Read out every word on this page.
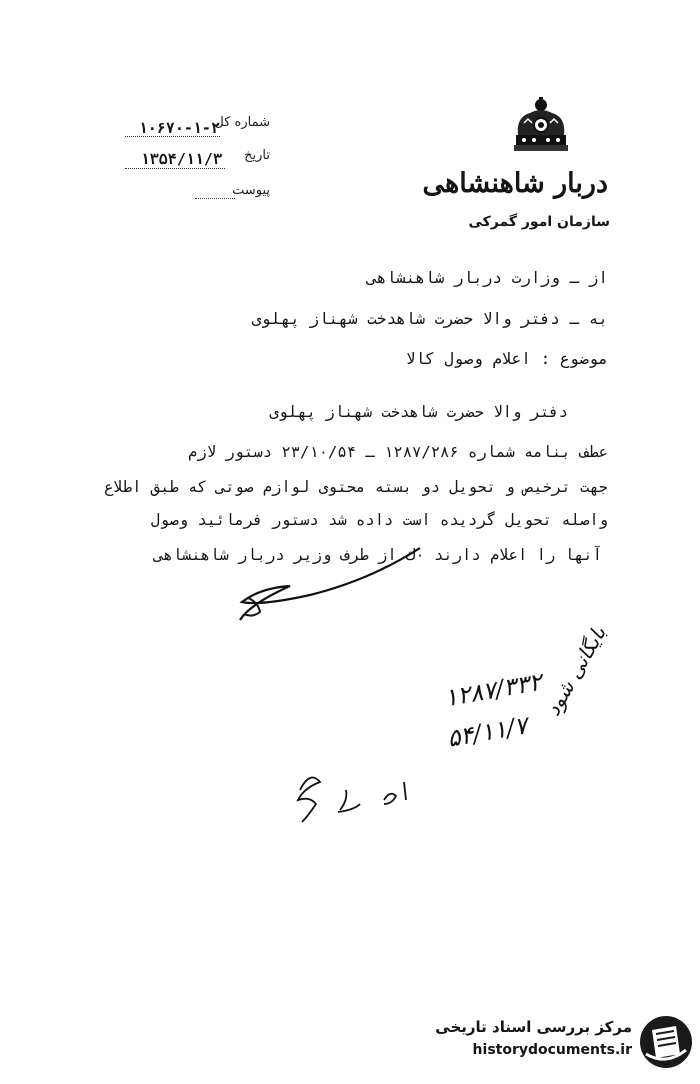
دربار شاهنشاهی
سازمان امور گمرکی
شماره کل
۱۰۶۷۰-۱-۲
تاریخ
۱۳۵۴/۱۱/۳
پیوست
از ـ وزارت دربار شاهنشاهی
به ـ دفتر والا حضرت شاهدخت شهناز پهلوی
موضوع : اعلام وصول کالا
دفتر والا حضرت شاهدخت شهناز پهلوی
عطف بنامه شماره ۱۲۸۷/۲۸۶ ـ ۲۳/۱۰/۵۴ دستور لازم
جهت ترخیص و تحویل دو بسته محتوی لوازم صوتی که طبق اطلاع
واصله تحویل گردیده است داده شد دستور فرمائید وصول
آنها را اعلام دارند ۰ك از طرف وزیر دربار شاهنشاهی
بایگانی شود
۱۲۸۷/۳۳۲
۵۴/۱۱/۷
مرکز بررسی اسناد تاریخی
historydocuments.ir
